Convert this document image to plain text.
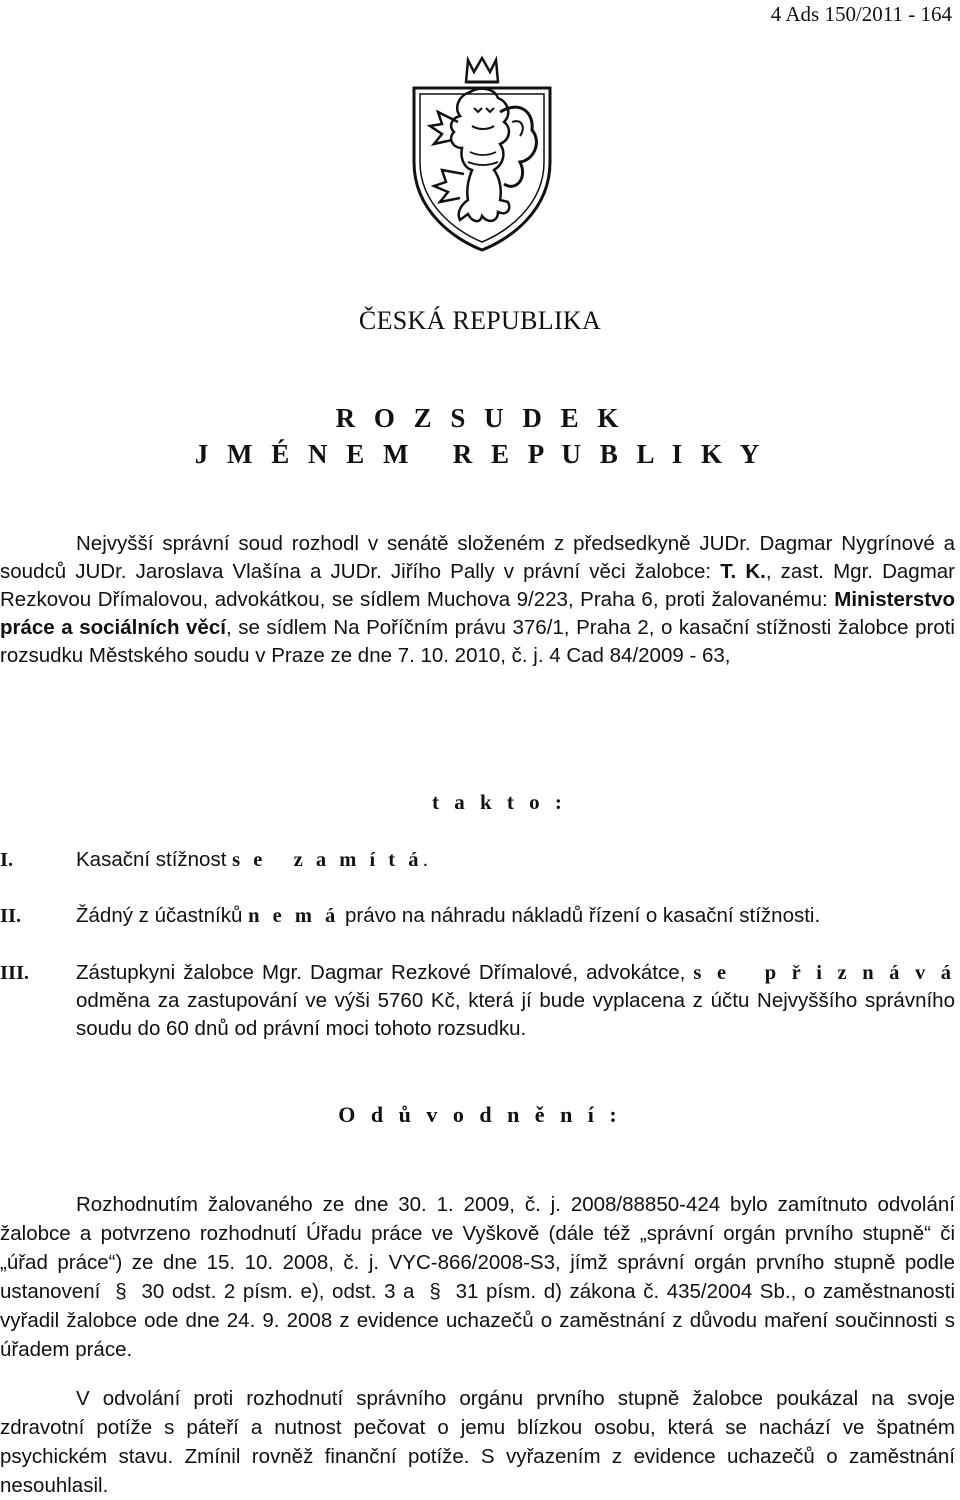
4 Ads 150/2011 - 164
ČESKÁ REPUBLIKA
R O Z S U D E K
J M É N E M   R E P U B L I K Y
Nejvyšší správní soud rozhodl v senátě složeném z předsedkyně JUDr. Dagmar Nygrínové a soudců JUDr. Jaroslava Vlašína a JUDr. Jiřího Pally v právní věci žalobce: T. K., zast. Mgr. Dagmar Rezkovou Dřímalovou, advokátkou, se sídlem Muchova 9/223, Praha 6, proti žalovanému: Ministerstvo práce a sociálních věcí, se sídlem Na Poříčním právu 376/1, Praha 2, o kasační stížnosti žalobce proti rozsudku Městského soudu v Praze ze dne 7. 10. 2010, č. j. 4 Cad 84/2009 - 63,
t a k t o :
I.	Kasační stížnost s e   z a m í t á.
II.	Žádný z účastníků n e m á právo na náhradu nákladů řízení o kasační stížnosti.
III. Zástupkyni žalobce Mgr. Dagmar Rezkové Dřímalové, advokátce, s e   p ř i z n á v á odměna za zastupování ve výši 5760 Kč, která jí bude vyplacena z účtu Nejvyššího správního soudu do 60 dnů od právní moci tohoto rozsudku.
O d ů v o d n ě n í :
Rozhodnutím žalovaného ze dne 30. 1. 2009, č. j. 2008/88850-424 bylo zamítnuto odvolání žalobce a potvrzeno rozhodnutí Úřadu práce ve Vyškově (dále též „správní orgán prvního stupně“ či „úřad práce“) ze dne 15. 10. 2008, č. j. VYC-866/2008-S3, jímž správní orgán prvního stupně podle ustanovení § 30 odst. 2 písm. e), odst. 3 a § 31 písm. d) zákona č. 435/2004 Sb., o zaměstnanosti vyřadil žalobce ode dne 24. 9. 2008 z evidence uchazečů o zaměstnání z důvodu maření součinnosti s úřadem práce.
V odvolání proti rozhodnutí správního orgánu prvního stupně žalobce poukázal na svoje zdravotní potíže s páteří a nutnost pečovat o jemu blízkou osobu, která se nachází ve špatném psychickém stavu. Zmínil rovněž finanční potíže. S vyřazením z evidence uchazečů o zaměstnání nesouhlasil.
